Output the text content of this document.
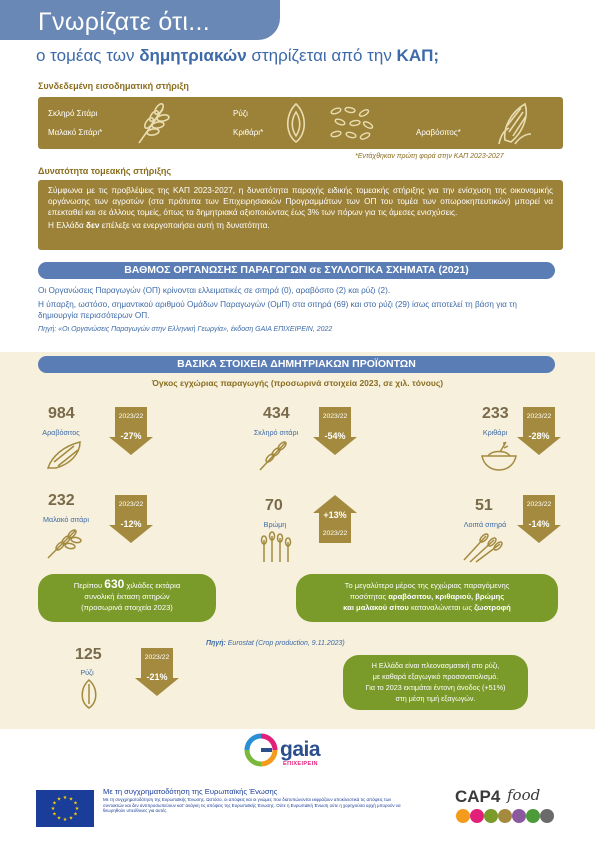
Γνωρίζατε ότι...
ο τομέας των δημητριακών στηρίζεται από την ΚΑΠ;
Συνδεδεμένη εισοδηματική στήριξη
Σκληρό Σιτάρι
Μαλακό Σιτάρι*
Ρύζι
Κριθάρι*	Αραβόσιτος*
*Εντάχθηκαν πρώτη φορά στην ΚΑΠ 2023-2027
Δυνατότητα τομεακής στήριξης

Σύμφωνα με τις προβλέψεις της ΚΑΠ 2023-2027, η δυνατότητα παροχής ειδικής τομεακής στήριξης για την ενίσχυση της οικονομικής οργάνωσης των αγροτών (στα πρότυπα των Επιχειρησιακών Προγραμμάτων των ΟΠ του τομέα των οπωροκηπευτικών) μπορεί να επεκταθεί και σε άλλους τομείς, όπως τα δημητριακά αξιοποιώντας έως 3% των πόρων για τις άμεσες ενισχύσεις.

Η Ελλάδα δεν επέλεξε να ενεργοποιήσει αυτή τη δυνατότητα.

ΒΑΘΜΟΣ ΟΡΓΑΝΩΣΗΣ ΠΑΡΑΓΩΓΩΝ σε ΣΥΛΛΟΓΙΚΑ ΣΧΗΜΑΤΑ (2021)

Οι Οργανώσεις Παραγωγών (ΟΠ) κρίνονται ελλειματικές σε σιτηρά (0), αραβόσιτο (2) και ρύζι (2).

Η ύπαρξη, ωστόσο, σημαντικού αριθμού Ομάδων Παραγωγών (ΟμΠ) στα σιτηρά (69) και στο ρύζι (29) ίσως αποτελεί τη βάση για τη δημιουργία περισσότερων ΟΠ.

Πηγή: «Οι Οργανώσεις Παραγωγών στην Ελληνική Γεωργία», έκδοση GAIA ΕΠΙΧΕΙΡΕΙΝ, 2022
ΒΑΣΙΚΑ ΣΤΟΙΧΕΙΑ ΔΗΜΗΤΡΙΑΚΩΝ ΠΡΟΪΟΝΤΩΝ
Όγκος εγχώριας παραγωγής (προσωρινά στοιχεία 2023, σε χιλ. τόνους)
984
Αραβόσιτος
2023/22
-27%
434
Σκληρό σιτάρι
2023/22
-54%
233
Κριθάρι
2023/22
-28%
232
Μαλακό σιτάρι
2023/22
-12%
70
Βρώμη
+13%
2023/22
51
Λοιπά σιτηρά
2023/22
-14%
Περίπου 630 χιλιάδες εκτάρια
συνολική έκταση σιτηρών
(προσωρινά στοιχεία 2023)
Το μεγαλύτερο μέρος της εγχώριας παραγόμενης
ποσότητας αραβόσιτου, κριθαριού, βρώμης
και μαλακού σίτου καταναλώνεται ως ζωοτροφή
Πηγή: Eurostat (Crop production, 9.11.2023)
125
Ρύζι
2023/22
-21%
Η Ελλάδα είναι πλεονασματική στο ρύζι,
με καθαρά εξαγωγικό προσανατολισμό.
Για το 2023 εκτιμάται έντονη άνοδος (+51%)
στη μέση τιμή εξαγωγών.
gaia
ΕΠΙΧΕΙΡΕΙΝ
★ ★
★
★
★
★
★
★
★
★
★
★
Με τη συγχρηματοδότηση της Ευρωπαϊκής Ένωσης
Με τη συγχρηματοδότηση της Ευρωπαϊκής Ένωσης. Ωστόσο, οι απόψεις και οι γνώμες που διατυπώνονται εκφράζουν αποκλειστικά τις απόψεις των συντακτών και δεν αντιπροσωπεύουν κατ’ ανάγκη τις απόψεις της Ευρωπαϊκής Ένωσης. Ούτε η Ευρωπαϊκή Ένωση ούτε η χορηγούσα αρχή μπορούν να θεωρηθούν υπεύθυνες για αυτές.
CAP4 food
